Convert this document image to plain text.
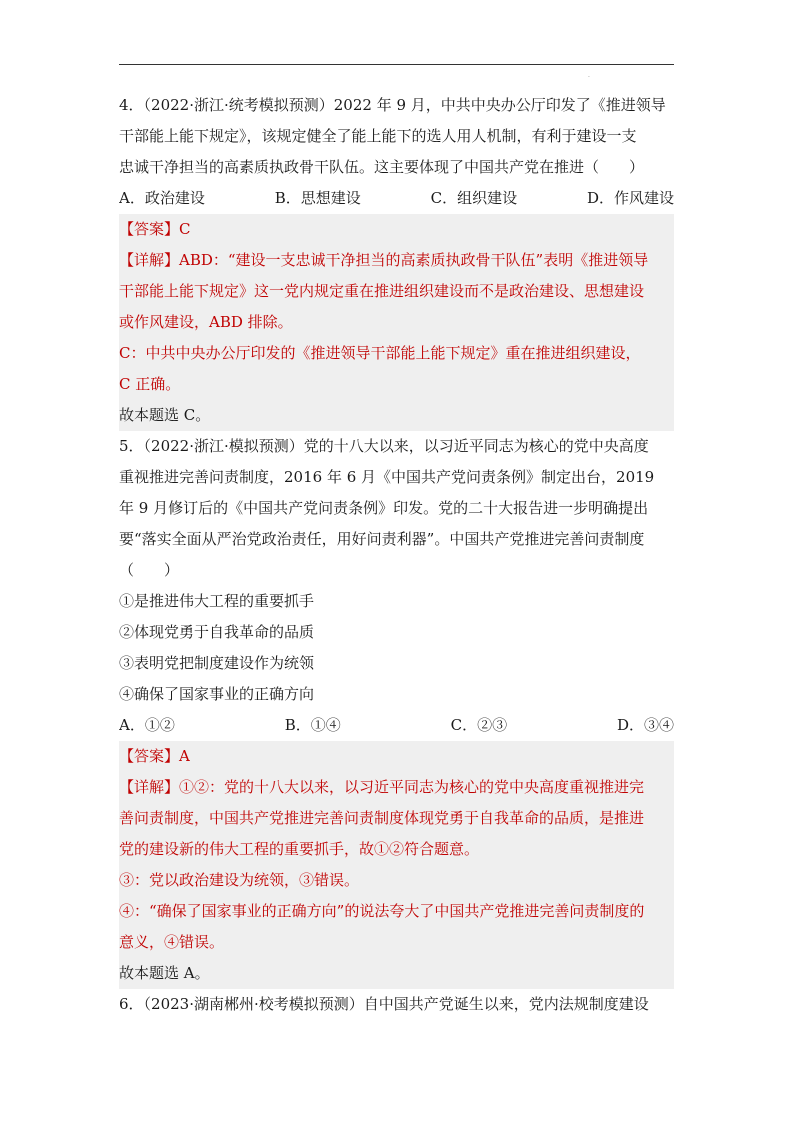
·
4．（2022·浙江·统考模拟预测）2022 年 9 月，中共中央办公厅印发了《推进领导
干部能上能下规定》，该规定健全了能上能下的选人用人机制，有利于建设一支
忠诚干净担当的高素质执政骨干队伍。这主要体现了中国共产党在推进（　　）
A．政治建设	B．思想建设	C．组织建设	D．作风建设
【答案】C
【详解】ABD：“建设一支忠诚干净担当的高素质执政骨干队伍”表明《推进领导
干部能上能下规定》这一党内规定重在推进组织建设而不是政治建设、思想建设
或作风建设，ABD 排除。
C：中共中央办公厅印发的《推进领导干部能上能下规定》重在推进组织建设，
C 正确。
故本题选 C。
5．（2022·浙江·模拟预测）党的十八大以来，以习近平同志为核心的党中央高度
重视推进完善问责制度，2016 年 6 月《中国共产党问责条例》制定出台，2019
年 9 月修订后的《中国共产党问责条例》印发。党的二十大报告进一步明确提出
要“落实全面从严治党政治责任，用好问责利器”。中国共产党推进完善问责制度
（　　）
①是推进伟大工程的重要抓手
②体现党勇于自我革命的品质
③表明党把制度建设作为统领
④确保了国家事业的正确方向
A．①②	B．①④	C．②③	D．③④
【答案】A
【详解】①②：党的十八大以来，以习近平同志为核心的党中央高度重视推进完
善问责制度，中国共产党推进完善问责制度体现党勇于自我革命的品质，是推进
党的建设新的伟大工程的重要抓手，故①②符合题意。
③：党以政治建设为统领，③错误。
④：“确保了国家事业的正确方向”的说法夸大了中国共产党推进完善问责制度的
意义，④错误。
故本题选 A。
6．（2023·湖南郴州·校考模拟预测）自中国共产党诞生以来，党内法规制度建设
